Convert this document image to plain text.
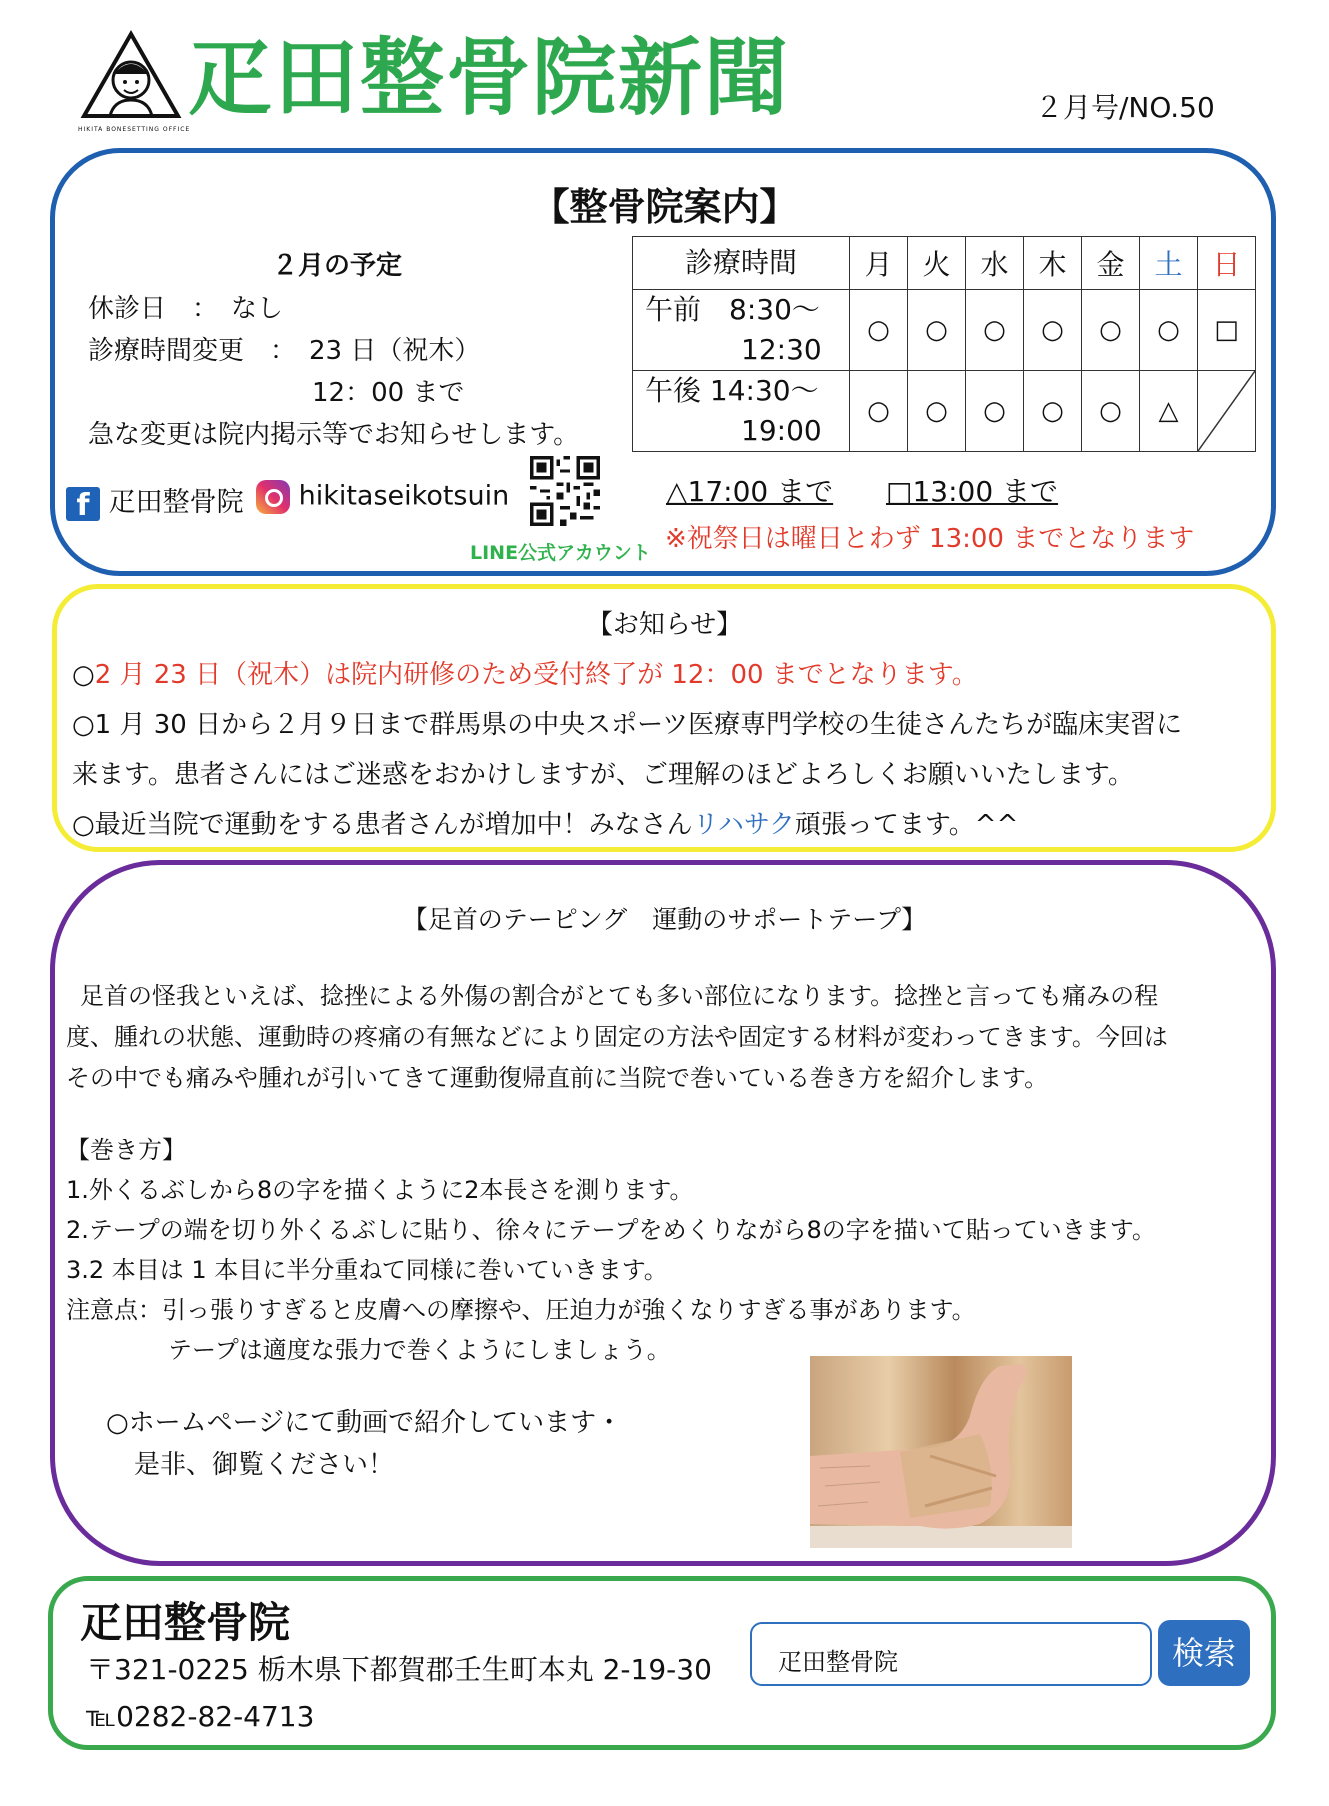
HIKITA BONESETTING OFFICE
疋田整骨院新聞	２月号/NO.50
【整骨院案内】
２月の予定
休診日　：　なし
診療時間変更　：　23 日（祝木）
12：00 まで
急な変更は院内掲示等でお知らせします。
診療時間	月	火	水	木	金	土	日

午前　8:30〜
12:30	○	○	○	○	○	○	□

午後 14:30〜
19:00	○	○	○	○	○	△	
f 疋田整骨院	hikitaseikotsuin
LINE公式アカウント
△17:00 まで □13:00 まで
※祝祭日は曜日とわず 13:00 までとなります
【お知らせ】
○2 月 23 日（祝木）は院内研修のため受付終了が 12：00 までとなります。
○1 月 30 日から２月９日まで群馬県の中央スポーツ医療専門学校の生徒さんたちが臨床実習に
来ます。患者さんにはご迷惑をおかけしますが、ご理解のほどよろしくお願いいたします。
○最近当院で運動をする患者さんが増加中！みなさんリハサク頑張ってます。^^
【足首のテーピング　運動のサポートテープ】
足首の怪我といえば、捻挫による外傷の割合がとても多い部位になります。捻挫と言っても痛みの程
度、腫れの状態、運動時の疼痛の有無などにより固定の方法や固定する材料が変わってきます。今回は
その中でも痛みや腫れが引いてきて運動復帰直前に当院で巻いている巻き方を紹介します。
【巻き方】
1.外くるぶしから8の字を描くように2本長さを測ります。
2.テープの端を切り外くるぶしに貼り、徐々にテープをめくりながら8の字を描いて貼っていきます。
3.2 本目は 1 本目に半分重ねて同様に巻いていきます。
注意点：引っ張りすぎると皮膚への摩擦や、圧迫力が強くなりすぎる事があります。
テープは適度な張力で巻くようにしましょう。
○ホームページにて動画で紹介しています・
是非、御覧ください！
疋田整骨院
〒321-0225 栃木県下都賀郡壬生町本丸 2-19-30
℡0282-82-4713
疋田整骨院	検索
